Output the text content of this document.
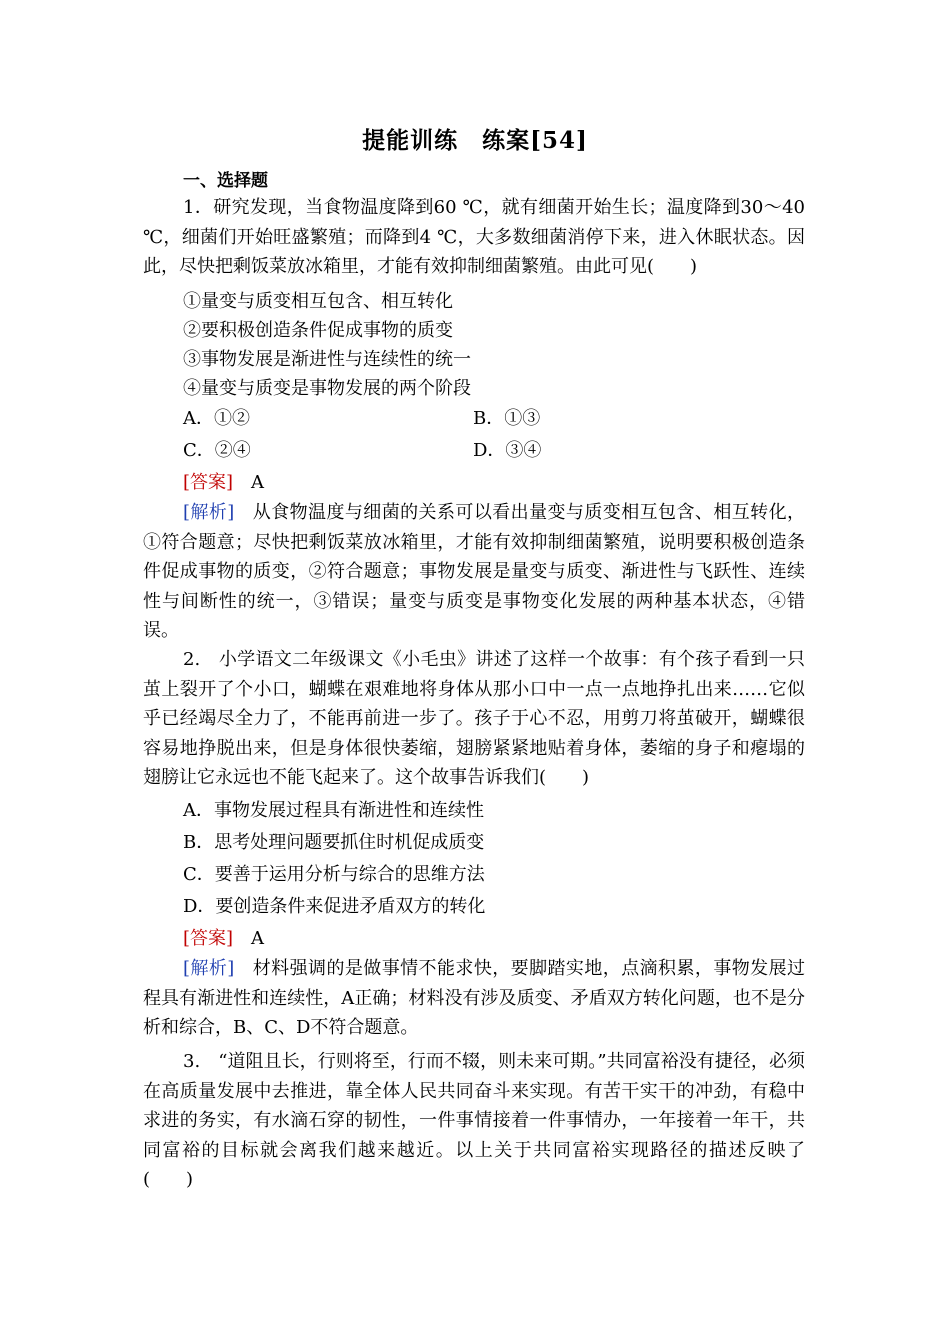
提能训练　练案[54]
一、选择题
1．研究发现，当食物温度降到60 ℃，就有细菌开始生长；温度降到30～40 ℃，细菌们开始旺盛繁殖；而降到4 ℃，大多数细菌消停下来，进入休眠状态。因此，尽快把剩饭菜放冰箱里，才能有效抑制细菌繁殖。由此可见(　　)
①量变与质变相互包含、相互转化
②要积极创造条件促成事物的质变
③事物发展是渐进性与连续性的统一
④量变与质变是事物发展的两个阶段
A．①②	B．①③
C．②④	D．③④
[答案] A
[解析] 从食物温度与细菌的关系可以看出量变与质变相互包含、相互转化，①符合题意；尽快把剩饭菜放冰箱里，才能有效抑制细菌繁殖，说明要积极创造条件促成事物的质变，②符合题意；事物发展是量变与质变、渐进性与飞跃性、连续性与间断性的统一，③错误；量变与质变是事物变化发展的两种基本状态，④错误。
2.　小学语文二年级课文《小毛虫》讲述了这样一个故事：有个孩子看到一只茧上裂开了个小口，蝴蝶在艰难地将身体从那小口中一点一点地挣扎出来……它似乎已经竭尽全力了，不能再前进一步了。孩子于心不忍，用剪刀将茧破开，蝴蝶很容易地挣脱出来，但是身体很快萎缩，翅膀紧紧地贴着身体，萎缩的身子和瘪塌的翅膀让它永远也不能飞起来了。这个故事告诉我们(　　)
A．事物发展过程具有渐进性和连续性
B．思考处理问题要抓住时机促成质变
C．要善于运用分析与综合的思维方法
D．要创造条件来促进矛盾双方的转化
[答案] A
[解析] 材料强调的是做事情不能求快，要脚踏实地，点滴积累，事物发展过程具有渐进性和连续性，A正确；材料没有涉及质变、矛盾双方转化问题，也不是分析和综合，B、C、D不符合题意。
3.　“道阻且长，行则将至，行而不辍，则未来可期。”共同富裕没有捷径，必须在高质量发展中去推进，靠全体人民共同奋斗来实现。有苦干实干的冲劲，有稳中求进的务实，有水滴石穿的韧性，一件事情接着一件事情办，一年接着一年干，共同富裕的目标就会离我们越来越近。以上关于共同富裕实现路径的描述反映了(　　)
